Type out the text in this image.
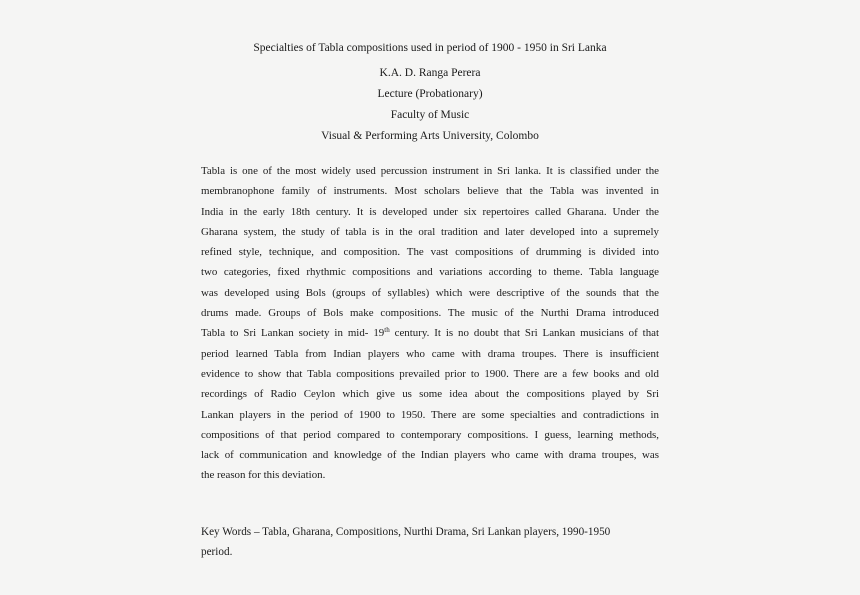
Specialties of Tabla compositions used in period of 1900 - 1950 in Sri Lanka
K.A. D. Ranga Perera
Lecture (Probationary)
Faculty of Music
Visual & Performing Arts University, Colombo
Tabla is one of the most widely used percussion instrument in Sri lanka. It is classified under the
membranophone family of instruments. Most scholars believe that the Tabla was invented in
India in the early 18th century. It is developed under six repertoires called Gharana. Under the
Gharana system, the study of tabla is in the oral tradition and later developed into a supremely
refined style, technique, and composition. The vast compositions of drumming is divided into
two categories, fixed rhythmic compositions and variations according to theme. Tabla language
was developed using Bols (groups of syllables) which were descriptive of the sounds that the
drums made. Groups of Bols make compositions. The music of the Nurthi Drama introduced
Tabla to Sri Lankan society in mid- 19th century. It is no doubt that Sri Lankan musicians of that
period learned Tabla from Indian players who came with drama troupes. There is insufficient
evidence to show that Tabla compositions prevailed prior to 1900. There are a few books and old
recordings of Radio Ceylon which give us some idea about the compositions played by Sri
Lankan players in the period of 1900 to 1950. There are some specialties and contradictions in
compositions of that period compared to contemporary compositions. I guess, learning methods,
lack of communication and knowledge of the Indian players who came with drama troupes, was
the reason for this deviation.
Key Words – Tabla, Gharana, Compositions, Nurthi Drama, Sri Lankan players, 1990-1950
period.
